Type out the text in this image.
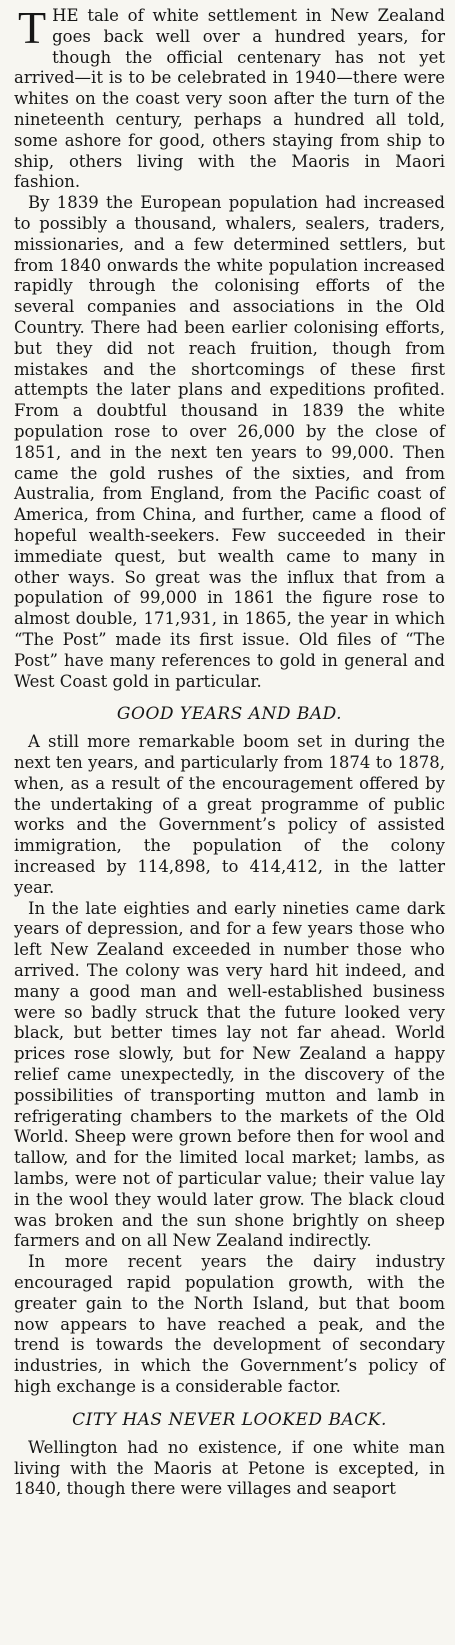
THE tale of white settlement in New Zealand goes back well over a hundred years, for though the official centenary has not yet arrived—it is to be celebrated in 1940—there were whites on the coast very soon after the turn of the nineteenth century, perhaps a hundred all told, some ashore for good, others staying from ship to ship, others living with the Maoris in Maori fashion.

By 1839 the European population had increased to possibly a thousand, whalers, sealers, traders, missionaries, and a few determined settlers, but from 1840 onwards the white population increased rapidly through the colonising efforts of the several companies and associations in the Old Country. There had been earlier colonising efforts, but they did not reach fruition, though from mistakes and the shortcomings of these first attempts the later plans and expeditions profited. From a doubtful thousand in 1839 the white population rose to over 26,000 by the close of 1851, and in the next ten years to 99,000. Then came the gold rushes of the sixties, and from Australia, from England, from the Pacific coast of America, from China, and further, came a flood of hopeful wealth-seekers. Few succeeded in their immediate quest, but wealth came to many in other ways. So great was the influx that from a population of 99,000 in 1861 the figure rose to almost double, 171,931, in 1865, the year in which “The Post” made its first issue. Old files of “The Post” have many references to gold in general and West Coast gold in particular.

GOOD YEARS AND BAD.

A still more remarkable boom set in during the next ten years, and particularly from 1874 to 1878, when, as a result of the encouragement offered by the undertaking of a great programme of public works and the Government’s policy of assisted immigration, the population of the colony increased by 114,898, to 414,412, in the latter year.

In the late eighties and early nineties came dark years of depression, and for a few years those who left New Zealand exceeded in number those who arrived. The colony was very hard hit indeed, and many a good man and well-established business were so badly struck that the future looked very black, but better times lay not far ahead. World prices rose slowly, but for New Zealand a happy relief came unexpectedly, in the discovery of the possibilities of transporting mutton and lamb in refrigerating chambers to the markets of the Old World. Sheep were grown before then for wool and tallow, and for the limited local market; lambs, as lambs, were not of particular value; their value lay in the wool they would later grow. The black cloud was broken and the sun shone brightly on sheep farmers and on all New Zealand indirectly.

In more recent years the dairy industry encouraged rapid population growth, with the greater gain to the North Island, but that boom now appears to have reached a peak, and the trend is towards the development of secondary industries, in which the Government’s policy of high exchange is a considerable factor.

CITY HAS NEVER LOOKED BACK.

Wellington had no existence, if one white man living with the Maoris at Petone is excepted, in 1840, though there were villages and seaport
